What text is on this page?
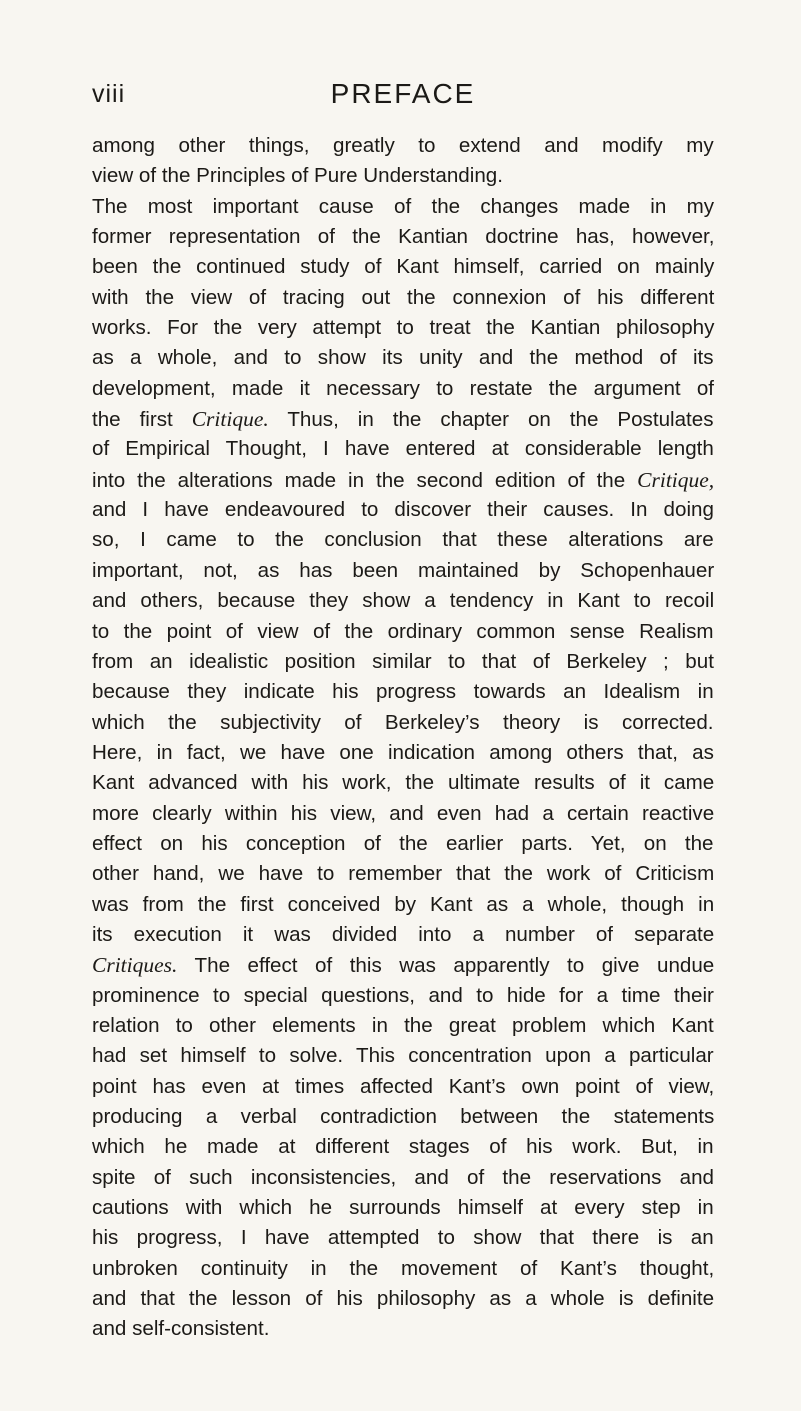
viii	PREFACE
among other things, greatly to extend and modify my
view of the Principles of Pure Understanding.
The most important cause of the changes made in my
former representation of the Kantian doctrine has, however,
been the continued study of Kant himself, carried on mainly
with the view of tracing out the connexion of his different
works. For the very attempt to treat the Kantian philosophy
as a whole, and to show its unity and the method of its
development, made it necessary to restate the argument of
the first Critique. Thus, in the chapter on the Postulates
of Empirical Thought, I have entered at considerable length
into the alterations made in the second edition of the Critique,
and I have endeavoured to discover their causes. In doing
so, I came to the conclusion that these alterations are
important, not, as has been maintained by Schopenhauer
and others, because they show a tendency in Kant to recoil
to the point of view of the ordinary common sense Realism
from an idealistic position similar to that of Berkeley ; but
because they indicate his progress towards an Idealism in
which the subjectivity of Berkeley’s theory is corrected.
Here, in fact, we have one indication among others that, as
Kant advanced with his work, the ultimate results of it came
more clearly within his view, and even had a certain reactive
effect on his conception of the earlier parts. Yet, on the
other hand, we have to remember that the work of Criticism
was from the first conceived by Kant as a whole, though in
its execution it was divided into a number of separate
Critiques. The effect of this was apparently to give undue
prominence to special questions, and to hide for a time their
relation to other elements in the great problem which Kant
had set himself to solve. This concentration upon a particular
point has even at times affected Kant’s own point of view,
producing a verbal contradiction between the statements
which he made at different stages of his work. But, in
spite of such inconsistencies, and of the reservations and
cautions with which he surrounds himself at every step in
his progress, I have attempted to show that there is an
unbroken continuity in the movement of Kant’s thought,
and that the lesson of his philosophy as a whole is definite
and self-consistent.
